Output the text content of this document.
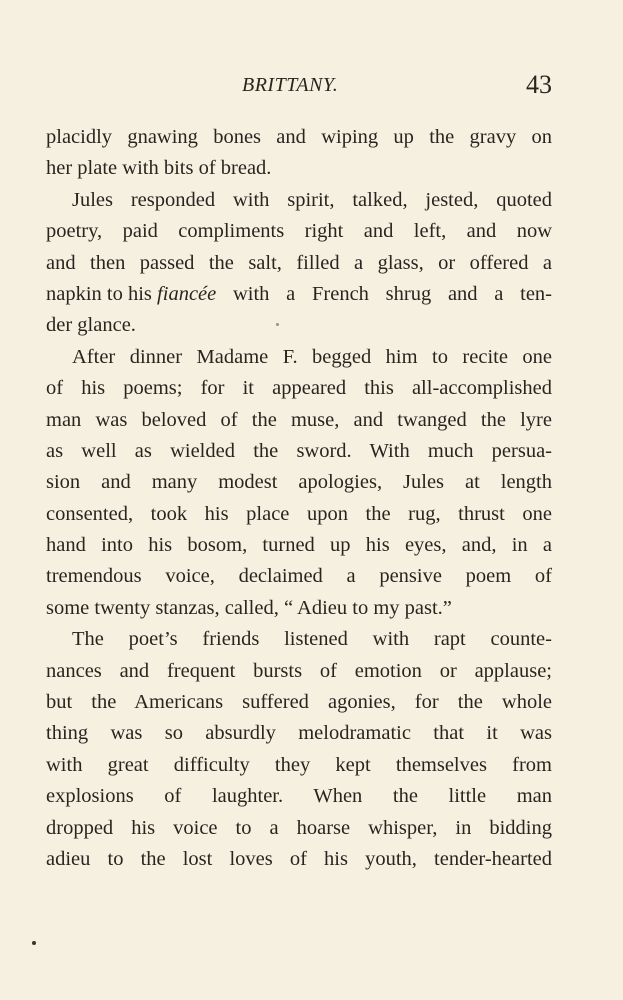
BRITTANY.	43
placidly gnawing bones and wiping up the gravy on
her plate with bits of bread.
Jules responded with spirit, talked, jested, quoted
poetry, paid compliments right and left, and now
and then passed the salt, filled a glass, or offered a
napkin to his fiancée with a French shrug and a ten-
der glance.
After dinner Madame F. begged him to recite one
of his poems; for it appeared this all-accomplished
man was beloved of the muse, and twanged the lyre
as well as wielded the sword. With much persua-
sion and many modest apologies, Jules at length
consented, took his place upon the rug, thrust one
hand into his bosom, turned up his eyes, and, in a
tremendous voice, declaimed a pensive poem of
some twenty stanzas, called, “ Adieu to my past.”
The poet’s friends listened with rapt counte-
nances and frequent bursts of emotion or applause;
but the Americans suffered agonies, for the whole
thing was so absurdly melodramatic that it was
with great difficulty they kept themselves from
explosions of laughter. When the little man
dropped his voice to a hoarse whisper, in bidding
adieu to the lost loves of his youth, tender-hearted
